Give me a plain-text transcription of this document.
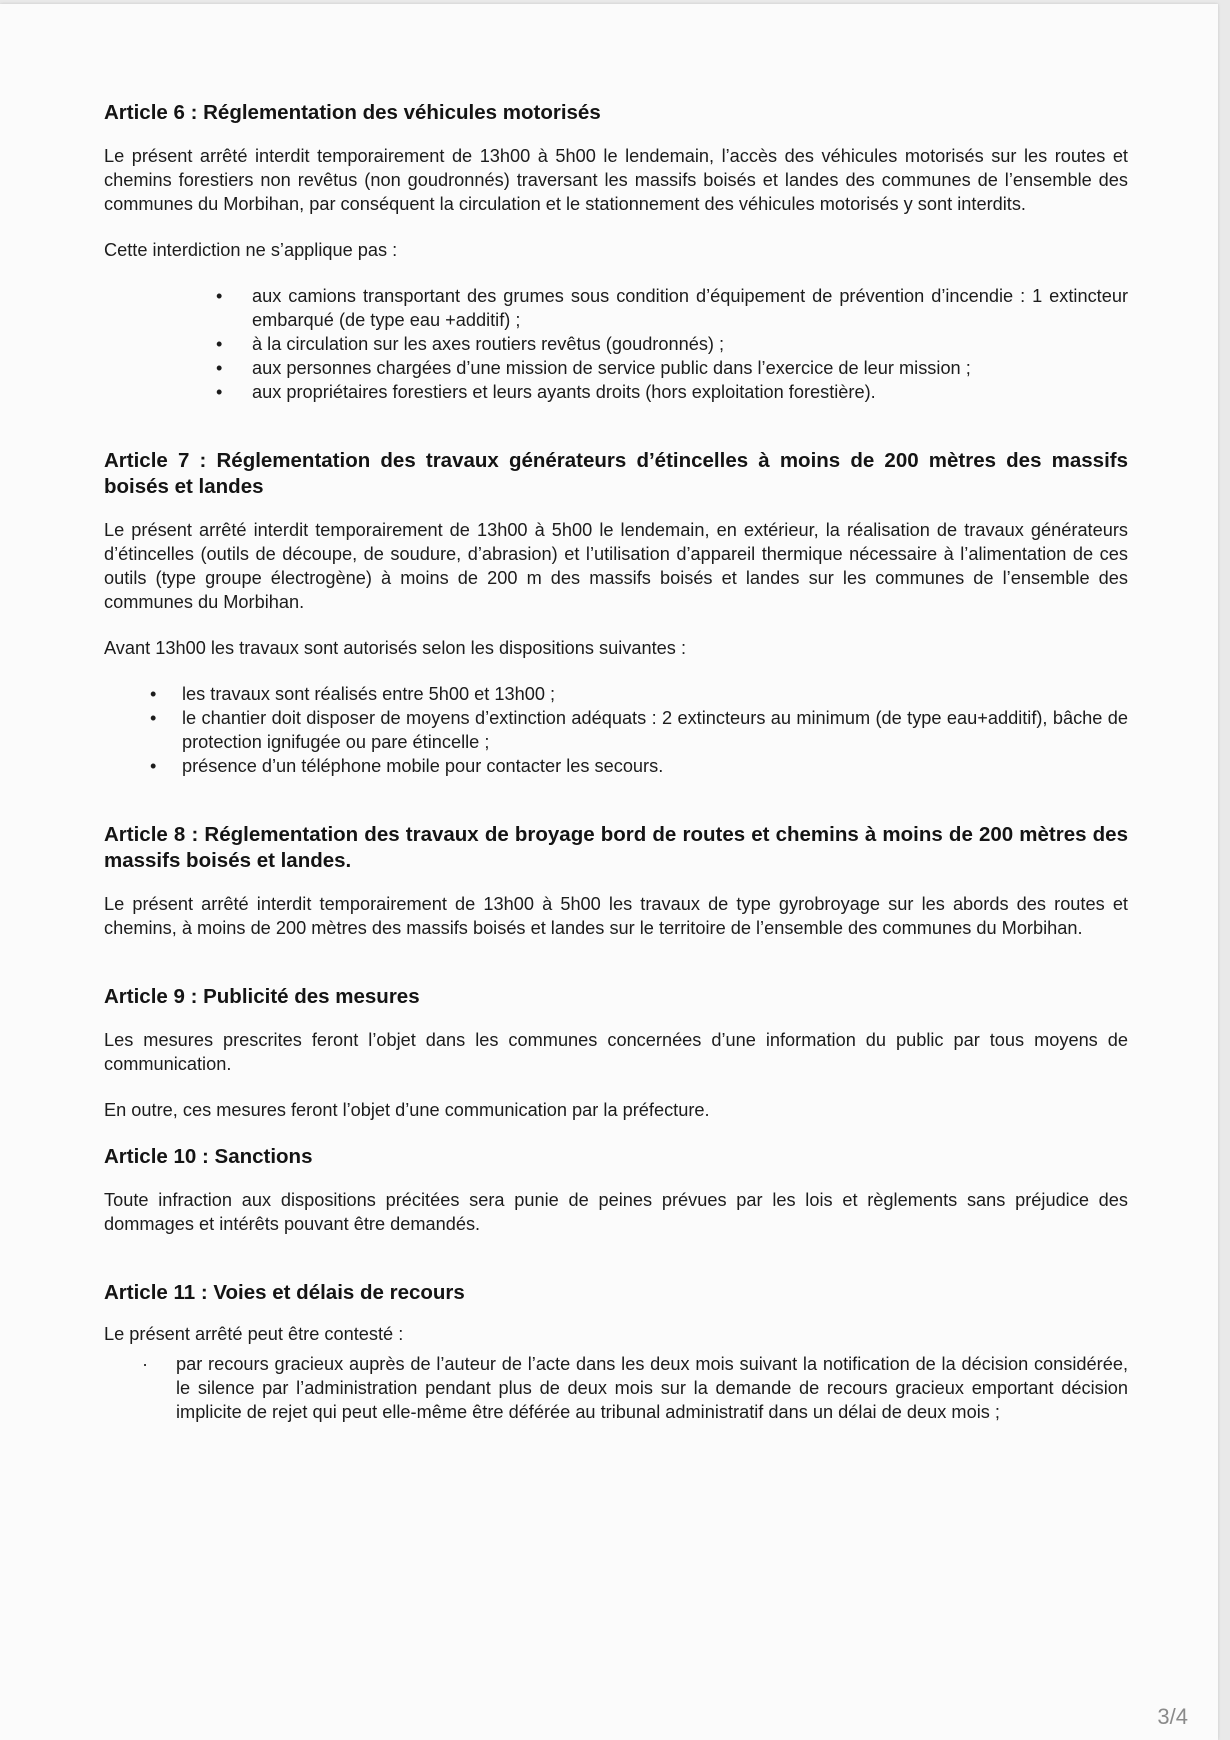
Article 6 : Réglementation des véhicules motorisés

Le présent arrêté interdit temporairement de 13h00 à 5h00 le lendemain, l’accès des véhicules motorisés sur les routes et chemins forestiers non revêtus (non goudronnés) traversant les massifs boisés et landes des communes de l’ensemble des communes du Morbihan, par conséquent la circulation et le stationnement des véhicules motorisés y sont interdits.

Cette interdiction ne s’applique pas :

• aux camions transportant des grumes sous condition d’équipement de prévention d’incendie : 1 extincteur embarqué (de type eau +additif) ;
• à la circulation sur les axes routiers revêtus (goudronnés) ;
• aux personnes chargées d’une mission de service public dans l’exercice de leur mission ;
• aux propriétaires forestiers et leurs ayants droits (hors exploitation forestière).
Article 7 : Réglementation des travaux générateurs d’étincelles à moins de 200 mètres des massifs boisés et landes

Le présent arrêté interdit temporairement de 13h00 à 5h00 le lendemain, en extérieur, la réalisation de travaux générateurs d’étincelles (outils de découpe, de soudure, d’abrasion) et l’utilisation d’appareil thermique nécessaire à l’alimentation de ces outils (type groupe électrogène) à moins de 200 m des massifs boisés et landes sur les communes de l’ensemble des communes du Morbihan.

Avant 13h00 les travaux sont autorisés selon les dispositions suivantes :

• les travaux sont réalisés entre 5h00 et 13h00 ;
• le chantier doit disposer de moyens d’extinction adéquats : 2 extincteurs au minimum (de type eau+additif), bâche de protection ignifugée ou pare étincelle ;
• présence d’un téléphone mobile pour contacter les secours.
Article 8 : Réglementation des travaux de broyage bord de routes et chemins à moins de 200 mètres des massifs boisés et landes.

Le présent arrêté interdit temporairement de 13h00 à 5h00 les travaux de type gyrobroyage sur les abords des routes et chemins, à moins de 200 mètres des massifs boisés et landes sur le territoire de l’ensemble des communes du Morbihan.

Article 9 : Publicité des mesures

Les mesures prescrites feront l’objet dans les communes concernées d’une information du public par tous moyens de communication.

En outre, ces mesures feront l’objet d’une communication par la préfecture.

Article 10 : Sanctions

Toute infraction aux dispositions précitées sera punie de peines prévues par les lois et règlements sans préjudice des dommages et intérêts pouvant être demandés.

Article 11 : Voies et délais de recours

Le présent arrêté peut être contesté :

· par recours gracieux auprès de l’auteur de l’acte dans les deux mois suivant la notification de la décision considérée, le silence par l’administration pendant plus de deux mois sur la demande de recours gracieux emportant décision implicite de rejet qui peut elle-même être déférée au tribunal administratif dans un délai de deux mois ;
3/4
